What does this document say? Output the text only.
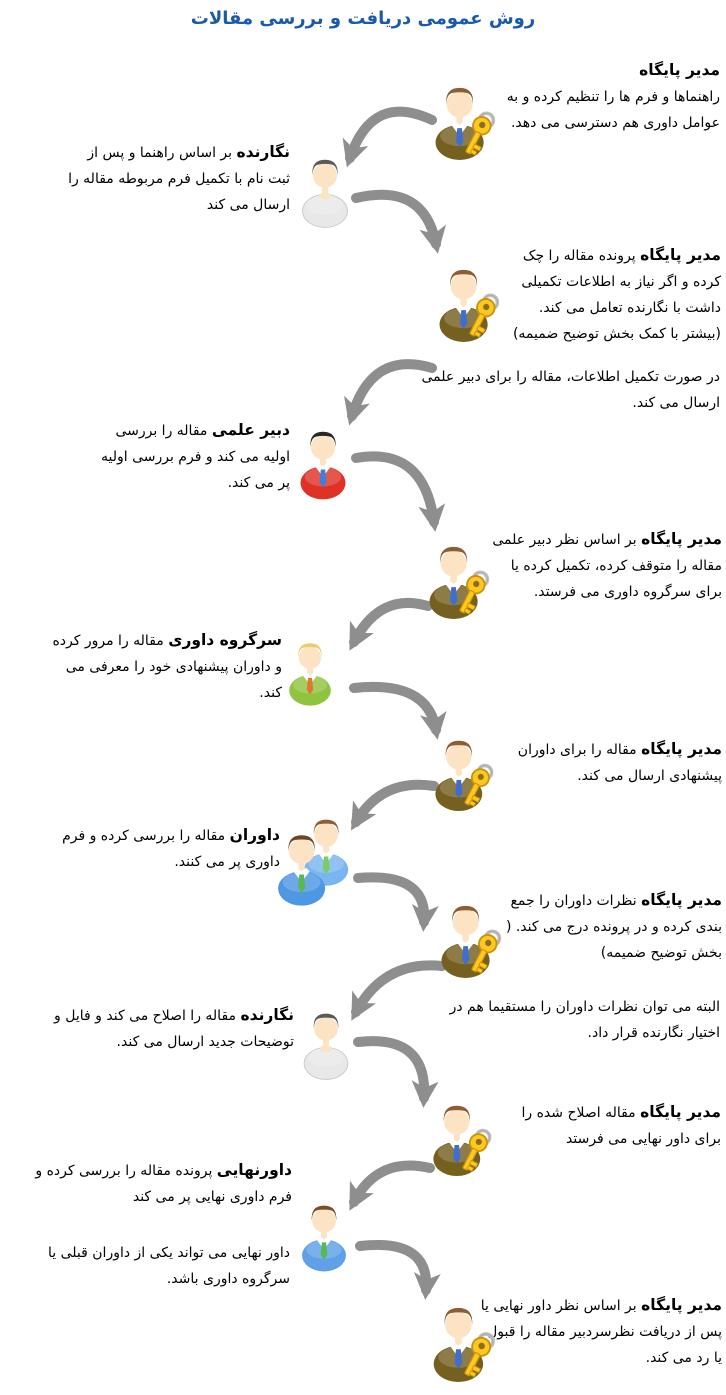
روش عمومی دریافت و بررسی مقالات
مدیر پایگاه
راهنماها و فرم ها را تنظیم کرده و به عوامل داوری هم دسترسی می دهد.
نگارنده بر اساس راهنما و پس از ثبت نام با تکمیل فرم مربوطه مقاله را ارسال می کند
مدیر پایگاه پرونده مقاله را چک کرده و اگر نیاز به اطلاعات تکمیلی داشت با نگارنده تعامل می کند. (بیشتر با کمک بخش توضیح ضمیمه)
در صورت تکمیل اطلاعات، مقاله را برای دبیر علمی ارسال می کند.
دبیر علمی مقاله را بررسی اولیه می کند و فرم بررسی اولیه پر می کند.
مدیر پایگاه بر اساس نظر دبیر علمی مقاله را متوقف کرده، تکمیل کرده یا برای سرگروه داوری می فرستد.
سرگروه داوری مقاله را مرور کرده و داوران پیشنهادی خود را معرفی می کند.
مدیر پایگاه مقاله را برای داوران پیشنهادی ارسال می کند.
داوران مقاله را بررسی کرده و فرم داوری پر می کنند.
مدیر پایگاه نظرات داوران را جمع بندی کرده و در پرونده درج می کند. ( بخش توضیح ضمیمه)
البته می توان نظرات داوران را مستقیما هم در اختیار نگارنده قرار داد.
نگارنده مقاله را اصلاح می کند و فایل و توضیحات جدید ارسال می کند.
مدیر پایگاه مقاله اصلاح شده را برای داور نهایی می فرستد
داورنهایی پرونده مقاله را بررسی کرده و فرم داوری نهایی پر می کند
داور نهایی می تواند یکی از داوران قبلی یا سرگروه داوری باشد.
مدیر پایگاه بر اساس نظر داور نهایی یا پس از دریافت نظرسردبیر مقاله را قبول یا رد می کند.
